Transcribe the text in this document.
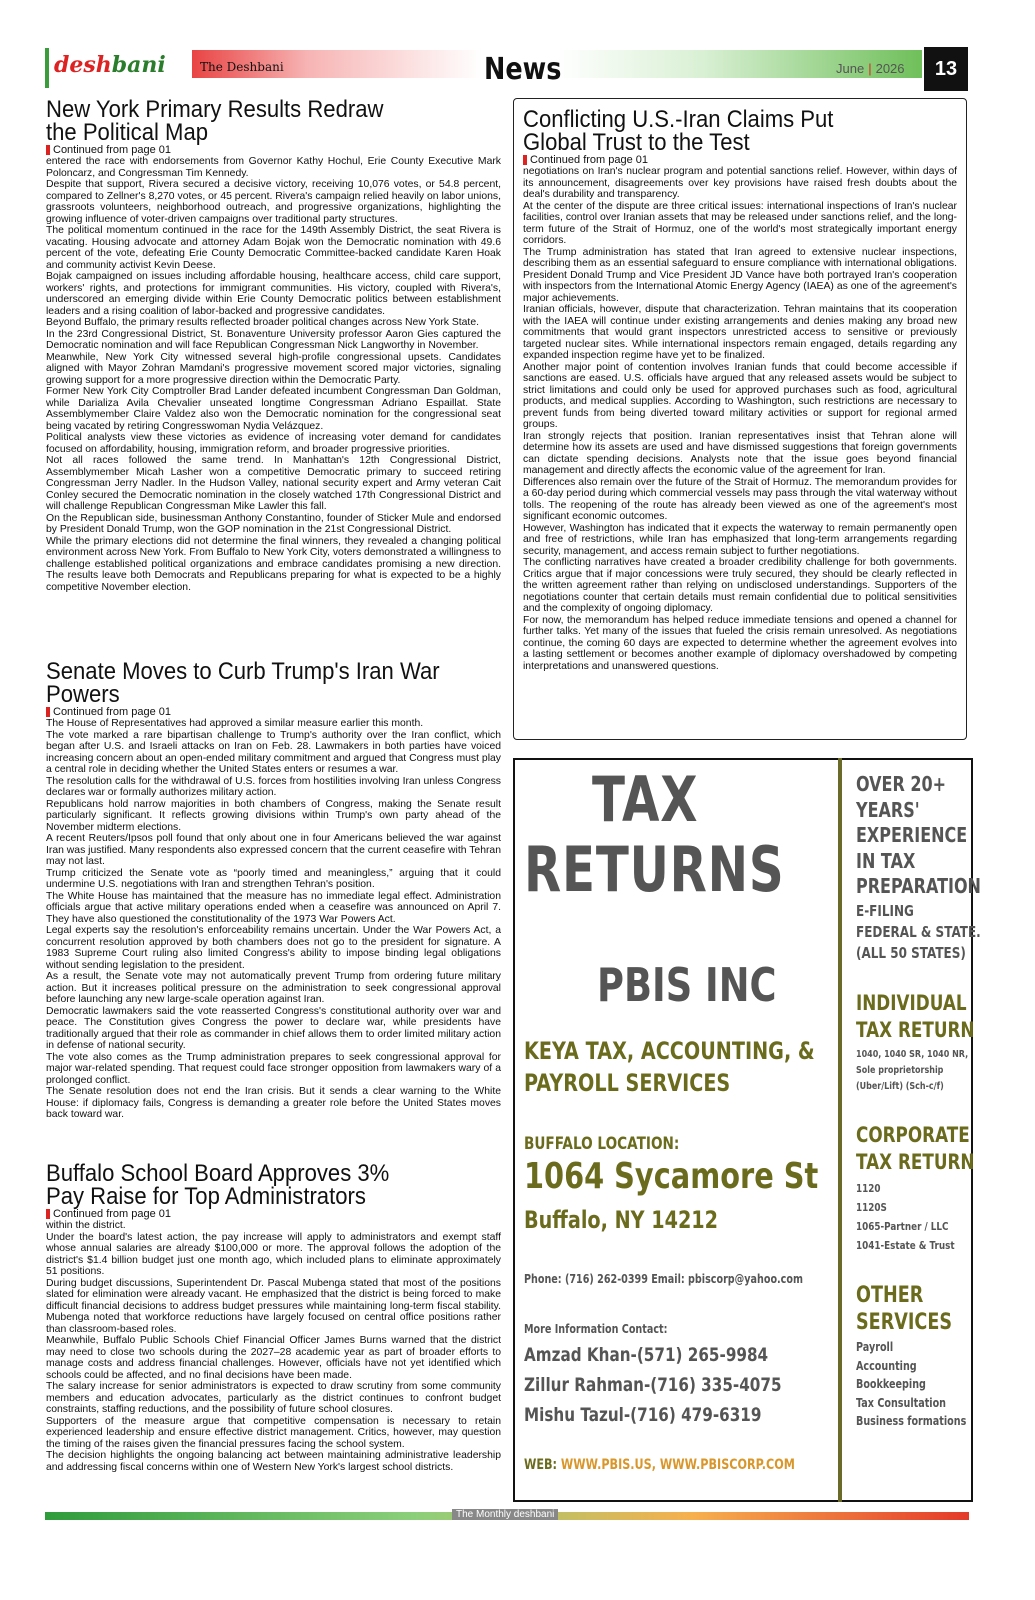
deshbani	The Deshbani	News	June | 2026	13
New York Primary Results Redraw
the Political Map
Continued from page 01

entered the race with endorsements from Governor Kathy Hochul, Erie County Executive Mark Poloncarz, and Congressman Tim Kennedy.

Despite that support, Rivera secured a decisive victory, receiving 10,076 votes, or 54.8 percent, compared to Zellner's 8,270 votes, or 45 percent. Rivera's campaign relied heavily on labor unions, grassroots volunteers, neighborhood outreach, and progressive organizations, highlighting the growing influence of voter-driven campaigns over traditional party structures.

The political momentum continued in the race for the 149th Assembly District, the seat Rivera is vacating. Housing advocate and attorney Adam Bojak won the Democratic nomination with 49.6 percent of the vote, defeating Erie County Democratic Committee-backed candidate Karen Hoak and community activist Kevin Deese.

Bojak campaigned on issues including affordable housing, healthcare access, child care support, workers' rights, and protections for immigrant communities. His victory, coupled with Rivera's, underscored an emerging divide within Erie County Democratic politics between establishment leaders and a rising coalition of labor-backed and progressive candidates.

Beyond Buffalo, the primary results reflected broader political changes across New York State.

In the 23rd Congressional District, St. Bonaventure University professor Aaron Gies captured the Democratic nomination and will face Republican Congressman Nick Langworthy in November.

Meanwhile, New York City witnessed several high-profile congressional upsets. Candidates aligned with Mayor Zohran Mamdani's progressive movement scored major victories, signaling growing support for a more progressive direction within the Democratic Party.

Former New York City Comptroller Brad Lander defeated incumbent Congressman Dan Goldman, while Darializa Avila Chevalier unseated longtime Congressman Adriano Espaillat. State Assemblymember Claire Valdez also won the Democratic nomination for the congressional seat being vacated by retiring Congresswoman Nydia Velázquez.

Political analysts view these victories as evidence of increasing voter demand for candidates focused on affordability, housing, immigration reform, and broader progressive priorities.

Not all races followed the same trend. In Manhattan's 12th Congressional District, Assemblymember Micah Lasher won a competitive Democratic primary to succeed retiring Congressman Jerry Nadler. In the Hudson Valley, national security expert and Army veteran Cait Conley secured the Democratic nomination in the closely watched 17th Congressional District and will challenge Republican Congressman Mike Lawler this fall.

On the Republican side, businessman Anthony Constantino, founder of Sticker Mule and endorsed by President Donald Trump, won the GOP nomination in the 21st Congressional District.

While the primary elections did not determine the final winners, they revealed a changing political environment across New York. From Buffalo to New York City, voters demonstrated a willingness to challenge established political organizations and embrace candidates promising a new direction. The results leave both Democrats and Republicans preparing for what is expected to be a highly competitive November election.

Senate Moves to Curb Trump's Iran War Powers
Continued from page 01

The House of Representatives had approved a similar measure earlier this month.

The vote marked a rare bipartisan challenge to Trump's authority over the Iran conflict, which began after U.S. and Israeli attacks on Iran on Feb. 28. Lawmakers in both parties have voiced increasing concern about an open-ended military commitment and argued that Congress must play a central role in deciding whether the United States enters or resumes a war.

The resolution calls for the withdrawal of U.S. forces from hostilities involving Iran unless Congress declares war or formally authorizes military action.

Republicans hold narrow majorities in both chambers of Congress, making the Senate result particularly significant. It reflects growing divisions within Trump's own party ahead of the November midterm elections.

A recent Reuters/Ipsos poll found that only about one in four Americans believed the war against Iran was justified. Many respondents also expressed concern that the current ceasefire with Tehran may not last.

Trump criticized the Senate vote as “poorly timed and meaningless,” arguing that it could undermine U.S. negotiations with Iran and strengthen Tehran's position.

The White House has maintained that the measure has no immediate legal effect. Administration officials argue that active military operations ended when a ceasefire was announced on April 7. They have also questioned the constitutionality of the 1973 War Powers Act.

Legal experts say the resolution's enforceability remains uncertain. Under the War Powers Act, a concurrent resolution approved by both chambers does not go to the president for signature. A 1983 Supreme Court ruling also limited Congress's ability to impose binding legal obligations without sending legislation to the president.

As a result, the Senate vote may not automatically prevent Trump from ordering future military action. But it increases political pressure on the administration to seek congressional approval before launching any new large-scale operation against Iran.

Democratic lawmakers said the vote reasserted Congress's constitutional authority over war and peace. The Constitution gives Congress the power to declare war, while presidents have traditionally argued that their role as commander in chief allows them to order limited military action in defense of national security.

The vote also comes as the Trump administration prepares to seek congressional approval for major war-related spending. That request could face stronger opposition from lawmakers wary of a prolonged conflict.

The Senate resolution does not end the Iran crisis. But it sends a clear warning to the White House: if diplomacy fails, Congress is demanding a greater role before the United States moves back toward war.

Buffalo School Board Approves 3%
Pay Raise for Top Administrators
Continued from page 01

within the district.

Under the board's latest action, the pay increase will apply to administrators and exempt staff whose annual salaries are already $100,000 or more. The approval follows the adoption of the district's $1.4 billion budget just one month ago, which included plans to eliminate approximately 51 positions.

During budget discussions, Superintendent Dr. Pascal Mubenga stated that most of the positions slated for elimination were already vacant. He emphasized that the district is being forced to make difficult financial decisions to address budget pressures while maintaining long-term fiscal stability. Mubenga noted that workforce reductions have largely focused on central office positions rather than classroom-based roles.

Meanwhile, Buffalo Public Schools Chief Financial Officer James Burns warned that the district may need to close two schools during the 2027–28 academic year as part of broader efforts to manage costs and address financial challenges. However, officials have not yet identified which schools could be affected, and no final decisions have been made.

The salary increase for senior administrators is expected to draw scrutiny from some community members and education advocates, particularly as the district continues to confront budget constraints, staffing reductions, and the possibility of future school closures.

Supporters of the measure argue that competitive compensation is necessary to retain experienced leadership and ensure effective district management. Critics, however, may question the timing of the raises given the financial pressures facing the school system.

The decision highlights the ongoing balancing act between maintaining administrative leadership and addressing fiscal concerns within one of Western New York's largest school districts.

Conflicting U.S.-Iran Claims Put
Global Trust to the Test
Continued from page 01

negotiations on Iran's nuclear program and potential sanctions relief. However, within days of its announcement, disagreements over key provisions have raised fresh doubts about the deal's durability and transparency.

At the center of the dispute are three critical issues: international inspections of Iran's nuclear facilities, control over Iranian assets that may be released under sanctions relief, and the long-term future of the Strait of Hormuz, one of the world's most strategically important energy corridors.

The Trump administration has stated that Iran agreed to extensive nuclear inspections, describing them as an essential safeguard to ensure compliance with international obligations. President Donald Trump and Vice President JD Vance have both portrayed Iran's cooperation with inspectors from the International Atomic Energy Agency (IAEA) as one of the agreement's major achievements.

Iranian officials, however, dispute that characterization. Tehran maintains that its cooperation with the IAEA will continue under existing arrangements and denies making any broad new commitments that would grant inspectors unrestricted access to sensitive or previously targeted nuclear sites. While international inspectors remain engaged, details regarding any expanded inspection regime have yet to be finalized.

Another major point of contention involves Iranian funds that could become accessible if sanctions are eased. U.S. officials have argued that any released assets would be subject to strict limitations and could only be used for approved purchases such as food, agricultural products, and medical supplies. According to Washington, such restrictions are necessary to prevent funds from being diverted toward military activities or support for regional armed groups.

Iran strongly rejects that position. Iranian representatives insist that Tehran alone will determine how its assets are used and have dismissed suggestions that foreign governments can dictate spending decisions. Analysts note that the issue goes beyond financial management and directly affects the economic value of the agreement for Iran.

Differences also remain over the future of the Strait of Hormuz. The memorandum provides for a 60-day period during which commercial vessels may pass through the vital waterway without tolls. The reopening of the route has already been viewed as one of the agreement's most significant economic outcomes.

However, Washington has indicated that it expects the waterway to remain permanently open and free of restrictions, while Iran has emphasized that long-term arrangements regarding security, management, and access remain subject to further negotiations.

The conflicting narratives have created a broader credibility challenge for both governments. Critics argue that if major concessions were truly secured, they should be clearly reflected in the written agreement rather than relying on undisclosed understandings. Supporters of the negotiations counter that certain details must remain confidential due to political sensitivities and the complexity of ongoing diplomacy.

For now, the memorandum has helped reduce immediate tensions and opened a channel for further talks. Yet many of the issues that fueled the crisis remain unresolved. As negotiations continue, the coming 60 days are expected to determine whether the agreement evolves into a lasting settlement or becomes another example of diplomacy overshadowed by competing interpretations and unanswered questions.

TAX
RETURNS
PBIS INC
KEYA TAX, ACCOUNTING, &
PAYROLL SERVICES
BUFFALO LOCATION:
1064 Sycamore St
Buffalo, NY 14212
Phone: (716) 262-0399 Email: pbiscorp@yahoo.com
More Information Contact:
Amzad Khan-(571) 265-9984
Zillur Rahman-(716) 335-4075
Mishu Tazul-(716) 479-6319
WEB: WWW.PBIS.US, WWW.PBISCORP.COM
OVER 20+
YEARS'
EXPERIENCE
IN TAX
PREPARATION
E-FILING
FEDERAL & STATE.
(ALL 50 STATES)
INDIVIDUAL
TAX RETURN
1040, 1040 SR, 1040 NR,
Sole proprietorship
(Uber/Lift) (Sch-c/f)
CORPORATE
TAX RETURN
1120
1120S
1065-Partner / LLC
1041-Estate & Trust
OTHER
SERVICES
Payroll
Accounting
Bookkeeping
Tax Consultation
Business formations
The Monthly deshbani
